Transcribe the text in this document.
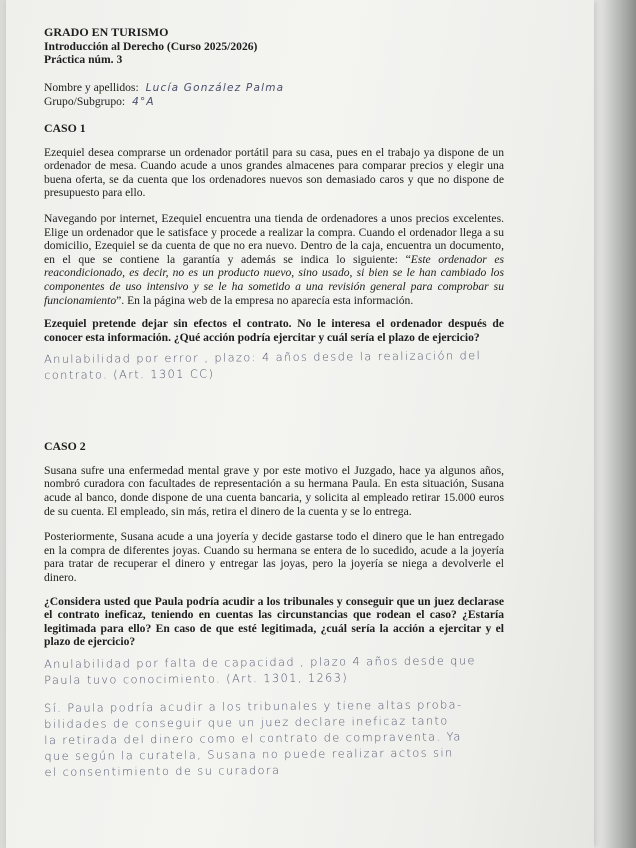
GRADO EN TURISMO
Introducción al Derecho (Curso 2025/2026)
Práctica núm. 3
Nombre y apellidos: Lucía González Palma
Grupo/Subgrupo: 4°A
CASO 1

Ezequiel desea comprarse un ordenador portátil para su casa, pues en el trabajo ya dispone de un ordenador de mesa. Cuando acude a unos grandes almacenes para comparar precios y elegir una buena oferta, se da cuenta que los ordenadores nuevos son demasiado caros y que no dispone de presupuesto para ello.

Navegando por internet, Ezequiel encuentra una tienda de ordenadores a unos precios excelentes. Elige un ordenador que le satisface y procede a realizar la compra. Cuando el ordenador llega a su domicilio, Ezequiel se da cuenta de que no era nuevo. Dentro de la caja, encuentra un documento, en el que se contiene la garantía y además se indica lo siguiente: “Este ordenador es reacondicionado, es decir, no es un producto nuevo, sino usado, si bien se le han cambiado los componentes de uso intensivo y se le ha sometido a una revisión general para comprobar su funcionamiento”. En la página web de la empresa no aparecía esta información.

Ezequiel pretende dejar sin efectos el contrato. No le interesa el ordenador después de conocer esta información. ¿Qué acción podría ejercitar y cuál sería el plazo de ejercicio?

Anulabilidad por error , plazo: 4 años desde la realización del
contrato. (Art. 1301 CC)
CASO 2

Susana sufre una enfermedad mental grave y por este motivo el Juzgado, hace ya algunos años, nombró curadora con facultades de representación a su hermana Paula. En esta situación, Susana acude al banco, donde dispone de una cuenta bancaria, y solicita al empleado retirar 15.000 euros de su cuenta. El empleado, sin más, retira el dinero de la cuenta y se lo entrega.

Posteriormente, Susana acude a una joyería y decide gastarse todo el dinero que le han entregado en la compra de diferentes joyas. Cuando su hermana se entera de lo sucedido, acude a la joyería para tratar de recuperar el dinero y entregar las joyas, pero la joyería se niega a devolverle el dinero.

¿Considera usted que Paula podría acudir a los tribunales y conseguir que un juez declarase el contrato ineficaz, teniendo en cuentas las circunstancias que rodean el caso? ¿Estaría legitimada para ello? En caso de que esté legitimada, ¿cuál sería la acción a ejercitar y el plazo de ejercicio?

Anulabilidad por falta de capacidad , plazo 4 años desde que
Paula tuvo conocimiento. (Art. 1301, 1263)
Sí. Paula podría acudir a los tribunales y tiene altas proba-
bilidades de conseguir que un juez declare ineficaz tanto
la retirada del dinero como el contrato de compraventa. Ya
que según la curatela, Susana no puede realizar actos sin
el consentimiento de su curadora
